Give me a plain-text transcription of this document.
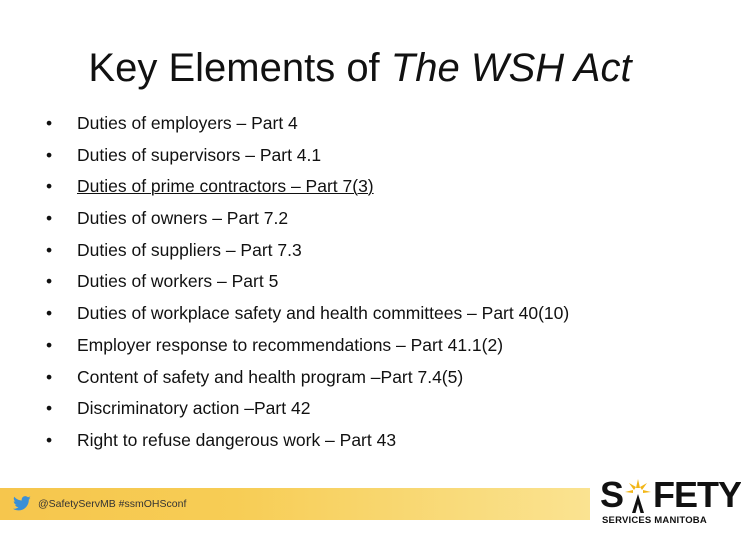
Key Elements of The WSH Act
•	Duties of employers – Part 4
•	Duties of supervisors – Part 4.1
•	Duties of prime contractors – Part 7(3)
•	Duties of owners – Part 7.2
•	Duties of suppliers – Part 7.3
•	Duties of workers – Part 5
•	Duties of workplace safety and health committees – Part 40(10)
•	Employer response to recommendations – Part 41.1(2)
•	Content of safety and health program –Part 7.4(5)
•	Discriminatory action –Part 42
•	Right to refuse dangerous work – Part 43
@SafetyServMB #ssmOHSconf	S FETY
SERVICES MANITOBA
